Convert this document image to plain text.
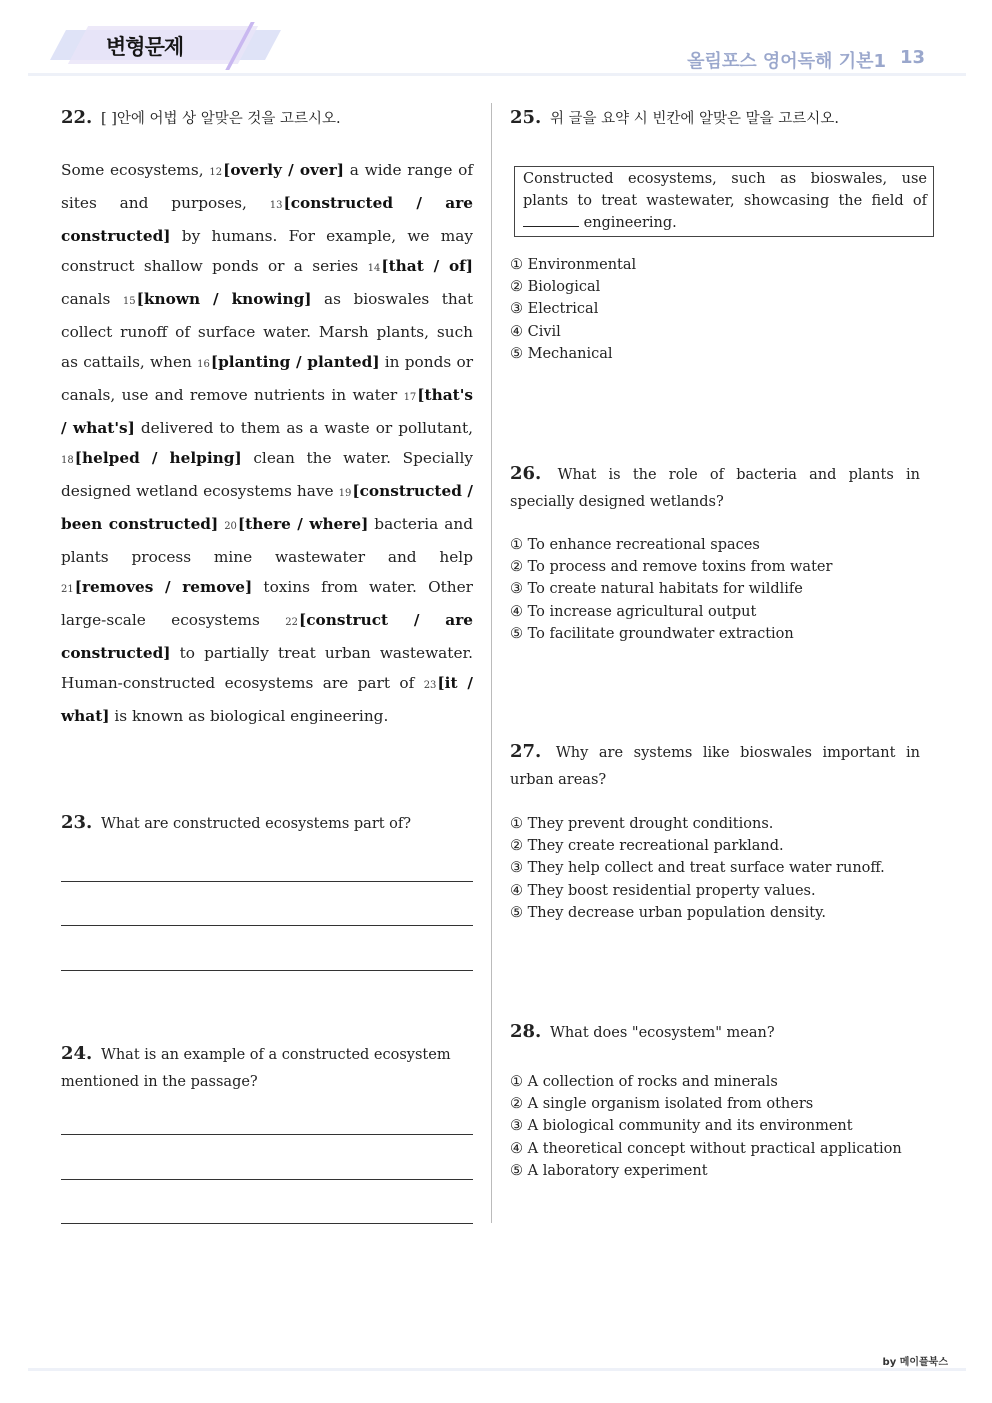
변형문제
올림포스 영어독해 기본1 13
22. [ ]안에 어법 상 알맞은 것을 고르시오.
Some ecosystems, 12[overly / over] a wide range of sites and purposes, 13[constructed / are constructed] by humans. For example, we may construct shallow ponds or a series 14[that / of] canals 15[known / knowing] as bioswales that collect runoff of surface water. Marsh plants, such as cattails, when 16[planting / planted] in ponds or canals, use and remove nutrients in water 17[that's / what's] delivered to them as a waste or pollutant, 18[helped / helping] clean the water. Specially designed wetland ecosystems have 19[constructed / been constructed] 20[there / where] bacteria and plants process mine wastewater and help 21[removes / remove] toxins from water. Other large-scale ecosystems 22[construct / are constructed] to partially treat urban wastewater. Human-constructed ecosystems are part of 23[it / what] is known as biological engineering.
23. What are constructed ecosystems part of?
24. What is an example of a constructed ecosystem mentioned in the passage?
25. 위 글을 요약 시 빈칸에 알맞은 말을 고르시오.
Constructed ecosystems, such as bioswales, use plants to treat wastewater, showcasing the field of  engineering.
① Environmental
② Biological
③ Electrical
④ Civil
⑤ Mechanical
26. What is the role of bacteria and plants in specially designed wetlands?
① To enhance recreational spaces
② To process and remove toxins from water
③ To create natural habitats for wildlife
④ To increase agricultural output
⑤ To facilitate groundwater extraction
27. Why are systems like bioswales important in urban areas?
① They prevent drought conditions.
② They create recreational parkland.
③ They help collect and treat surface water runoff.
④ They boost residential property values.
⑤ They decrease urban population density.
28. What does "ecosystem" mean?
① A collection of rocks and minerals
② A single organism isolated from others
③ A biological community and its environment
④ A theoretical concept without practical application
⑤ A laboratory experiment
by 메이플북스
